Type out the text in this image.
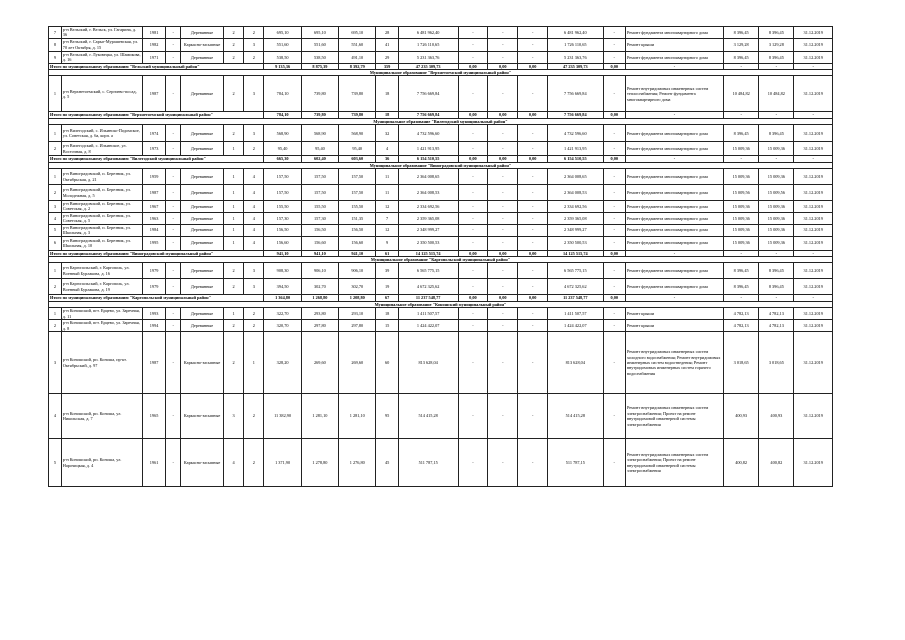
7	р-н Вельский, г. Вельск, ул. Гагарина, д. 36	1981	-	Деревянные	2	2	695,10	695,10	695,10	28	6 481 962,40	-	-	-	6 481 962,40	-	Ремонт фундамента многоквартирного дома	8 396,45	8 396,45	31.12.2019
8	р-н Вельский, г. Сарыг-Мурашевская, ул. 70 лет Октября, д. 15	1982	-	Каркасно-засыпные	2	3	551,60	551,60	551,60	41	1 726 110,65	-	-	-	1 726 110,65	-	Ремонт крыши	3 129,28	3 129,28	31.12.2019
9	р-н Вельский, г. Луковецка, ул. Шамикова, д. 16	1971	-	Деревянные	2	2	538,50	538,50	491,10	29	5 231 363,76	-	-	-	5 231 363,76	-	Ремонт фундамента многоквартирного дома	8 396,45	8 396,45	31.12.2019
Итого по муниципальному образованию "Вельский муниципальный район"							9 135,36	8 875,39	8 392,79	359	47 235 309,73	0,00	0,00	0,00	47 235 309,73	0,00	-	-	-	-
Муниципальное образование "Верхнетоемский муниципальный район"																				
1	р-н Верхнетоемский, с. Сергиево-посад, д. 5	1987	-	Деревянные	2	3	784,10	739,80	739,80	18	7 756 669,84	-	-	-	7 756 669,84	-	Ремонт внутридомовых инженерных систем теплоснабжения; Ремонт фундамента многоквартирного дома	10 484,82	10 484,82	31.12.2019
Итого по муниципальному образованию "Верхнетоемский муниципальный район"							784,10	739,80	739,80	18	7 756 669,84	0,00	0,00	0,00	7 756 669,84	0,00	-	-	-	-
Муниципальное образование "Вилегодский муниципальный район"																				
1	р-н Вилегодский, с. Ильинско-Подомское, ул. Советская, д. 6а, корп. а	1974	-	Деревянные	2	3	568,90	568,90	568,90	32	4 732 596,60	-	-	-	4 732 596,60	-	Ремонт фундамента многоквартирного дома	8 396,45	8 396,45	31.12.2019
2	р-н Вилегодский, с. Ильинское, ул. Восточная, д. 8	1973	-	Деревянные	1	2	95,40	95,40	95,40	4	1 421 913,95	-	-	-	1 421 913,95	-	Ремонт фундамента многоквартирного дома	15 009,36	15 009,36	31.12.2019
Итого по муниципальному образованию "Вилегодский муниципальный район"							665,30	602,40	603,60	36	6 154 510,55	0,00	0,00	0,00	6 154 510,55	0,00	-	-	-	-
Муниципальное образование "Виноградовский муниципальный район"																				
1	р-н Виноградовский, п. Березник, ул. Октябрьская, д. 21	1959	-	Деревянные	1	4	157,50	157,50	157,50	11	2 364 008,65	-	-	-	2 364 008,65	-	Ремонт фундамента многоквартирного дома	15 009,36	15 009,36	31.12.2019
2	р-н Виноградовский, п. Березник, ул. Молодежная, д. 5	1987	-	Деревянные	1	4	157,50	157,50	157,50	11	2 364 008,53	-	-	-	2 364 008,53	-	Ремонт фундамента многоквартирного дома	15 009,56	15 009,56	31.12.2019
3	р-н Виноградовский, п. Березник, ул. Советская, д. 2	1967	-	Деревянные	1	4	155,50	155,50	155,50	12	2 334 692,56	-	-	-	2 334 692,56	-	Ремонт фундамента многоквартирного дома	15 009,36	15 009,36	31.12.2019
4	р-н Виноградовский, п. Березник, ул. Советская, д. 5	1963	-	Деревянные	1	4	157,30	157,30	151,35	7	2 359 365,08	-	-	-	2 359 365,08	-	Ремонт фундамента многоквартирного дома	15 009,36	15 009,36	31.12.2019
5	р-н Виноградовский, п. Березник, ул. Школьная, д. 3	1984	-	Деревянные	1	4	156,50	156,50	156,50	12	2 348 999,27	-	-	-	2 348 999,27	-	Ремонт фундамента многоквартирного дома	15 009,36	15 009,36	31.12.2019
6	р-н Виноградовский, п. Березник, ул. Школьная, д. 10	1995	-	Деревянные	1	4	156,60	156,60	156,60	9	2 350 500,53	-	-	-	2 350 500,53	-	Ремонт фундамента многоквартирного дома	15 009,36	15 009,36	31.12.2019
Итого по муниципальному образованию "Виноградовский муниципальный район"							941,10	941,10	941,10	61	14 125 515,74	0,00	0,00	0,00	14 125 515,74	0,00	-	-	-	-
Муниципальное образование "Каргопольский муниципальный район"																				
1	р-н Каргопольский, г. Каргополь, ул. Военный Бурлакова, д. 16	1979	-	Деревянные	2	3	908,30	906,10	906,10	39	6 565 775,15	-	-	-	6 565 775,15	-	Ремонт фундамента многоквартирного дома	8 396,45	8 396,45	31.12.2019
2	р-н Каргопольский, г. Каргополь, ул. Военный Бурлакова, д. 19	1979	-	Деревянные	2	3	394,50	302,70	302,70	19	4 672 325,62	-	-	-	4 672 325,62	-	Ремонт фундамента многоквартирного дома	8 396,45	8 396,45	31.12.2019
Итого по муниципальному образованию "Каргопольский муниципальный район"							1 364,80	1 268,80	1 208,80	67	11 237 548,77	0,00	0,00	0,00	11 237 548,77	0,00	-	-	-	-
Муниципальное образование "Коношский муниципальный район"																				
1	р-н Коношский, пгт. Ерцево, ул. Заречная, д. 11	1993	-	Деревянные	1	2	322,70	293,80	293,10	18	1 411 507,57	-	-	-	1 411 507,57	-	Ремонт крыши	4 782,13	4 782,13	31.12.2019
2	р-н Коношский, пгт. Ерцево, ул. Заречная, д. 8	1994	-	Деревянные	2	2	320,70	297,80	297,80	15	1 424 422,07	-	-	-	1 424 422,07	-	Ремонт крыши	4 782,13	4 782,13	31.12.2019
3	р-н Коношский, рп. Коноша, пр-кт. Октябрьский, д. 97	1987	-	Каркасно-засыпные	2	1	328,20	269,60	269,60	60	813 628,04	-	-	-	813 628,04	-	Ремонт внутридомовых инженерных систем холодного водоснабжения; Ремонт внутридомовых инженерных систем водоотведения; Ремонт внутридомовых инженерных систем горячего водоснабжения	3 018,65	3 018,65	31.12.2019
4	р-н Коношский, рп. Коноша, ул. Никольская, д. 7	1965	-	Каркасно-засыпные	3	2	11 382,90	1 281,10	1 281,10	95	514 415,28	-	-	-	514 415,28	-	Ремонт внутридомовых инженерных систем электроснабжения; Проект на ремонт внутридомовой инженерной системы электроснабжения	400,93	400,93	31.12.2019
5	р-н Коношский, рп. Коноша, ул. Нарочицкая, д. 4	1961	-	Каркасно-засыпные	4	2	1 371,90	1 278,80	1 276,80	45	511 787,15	-	-	-	511 787,15	-	Ремонт внутридомовых инженерных систем электроснабжения; Проект на ремонт внутридомовой инженерной системы электроснабжения	400,82	400,82	31.12.2019
